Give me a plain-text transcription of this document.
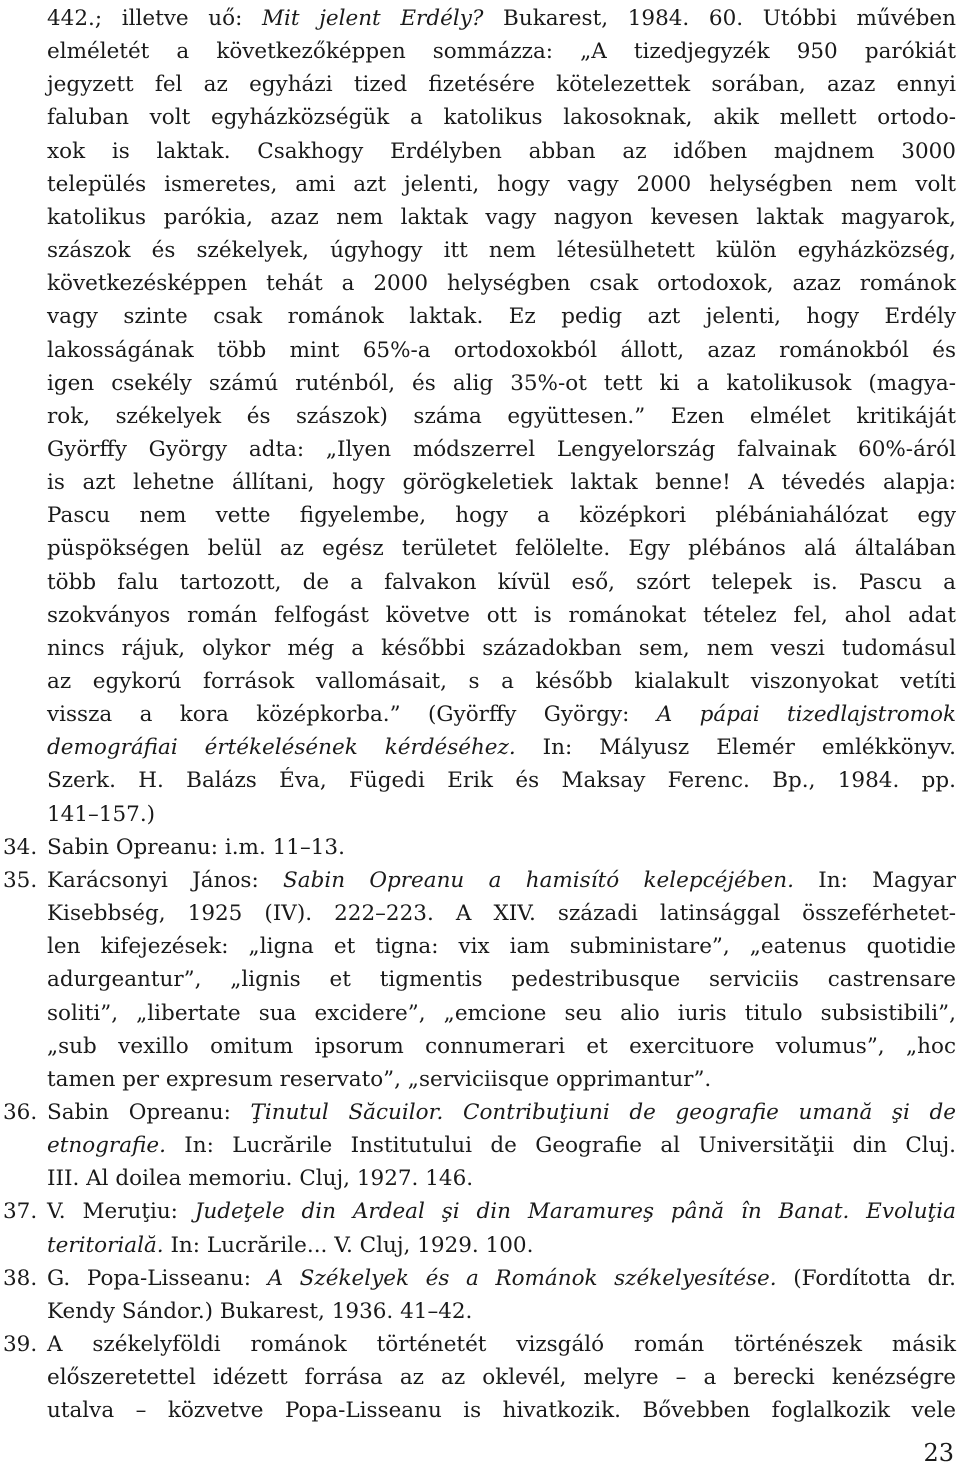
442.; illetve uő: Mit jelent Erdély? Bukarest, 1984. 60. Utóbbi művében
elméletét a következőképpen sommázza: „A tizedjegyzék 950 parókiát
jegyzett fel az egyházi tized fizetésére kötelezettek sorában, azaz ennyi
faluban volt egyházközségük a katolikus lakosoknak, akik mellett ortodo-
xok is laktak. Csakhogy Erdélyben abban az időben majdnem 3000
település ismeretes, ami azt jelenti, hogy vagy 2000 helységben nem volt
katolikus parókia, azaz nem laktak vagy nagyon kevesen laktak magyarok,
szászok és székelyek, úgyhogy itt nem létesülhetett külön egyházközség,
következésképpen tehát a 2000 helységben csak ortodoxok, azaz románok
vagy szinte csak románok laktak. Ez pedig azt jelenti, hogy Erdély
lakosságának több mint 65%-a ortodoxokból állott, azaz románokból és
igen csekély számú ruténból, és alig 35%-ot tett ki a katolikusok (magya-
rok, székelyek és szászok) száma együttesen.” Ezen elmélet kritikáját
Györffy György adta: „Ilyen módszerrel Lengyelország falvainak 60%-áról
is azt lehetne állítani, hogy görögkeletiek laktak benne! A tévedés alapja:
Pascu nem vette figyelembe, hogy a középkori plébániahálózat egy
püspökségen belül az egész területet felölelte. Egy plébános alá általában
több falu tartozott, de a falvakon kívül eső, szórt telepek is. Pascu a
szokványos román felfogást követve ott is románokat tételez fel, ahol adat
nincs rájuk, olykor még a későbbi századokban sem, nem veszi tudomásul
az egykorú források vallomásait, s a később kialakult viszonyokat vetíti
vissza a kora középkorba.” (Györffy György: A pápai tizedlajstromok
demográfiai értékelésének kérdéséhez. In: Mályusz Elemér emlékkönyv.
Szerk. H. Balázs Éva, Fügedi Erik és Maksay Ferenc. Bp., 1984. pp.
141–157.)
Sabin Opreanu: i.m. 11–13.
34.
Karácsonyi János: Sabin Opreanu a hamisító kelepcéjében. In: Magyar
35.
Kisebbség, 1925 (IV). 222–223. A XIV. századi latinsággal összeférhetet-
len kifejezések: „ligna et tigna: vix iam subministare”, „eatenus quotidie
adurgeantur”, „lignis et tigmentis pedestribusque serviciis castrensare
soliti”, „libertate sua excidere”, „emcione seu alio iuris titulo subsistibili”,
„sub vexillo omitum ipsorum connumerari et exercituore volumus”, „hoc
tamen per expresum reservato”, „serviciisque opprimantur”.
Sabin Opreanu: Ţinutul Săcuilor. Contribuţiuni de geografie umană şi de
36.
etnografie. In: Lucrările Institutului de Geografie al Universităţii din Cluj.
III. Al doilea memoriu. Cluj, 1927. 146.
V. Meruţiu: Judeţele din Ardeal şi din Maramureş până în Banat. Evoluţia
37.
teritorială. In: Lucrările... V. Cluj, 1929. 100.
G. Popa-Lisseanu: A Székelyek és a Románok székelyesítése. (Fordította dr.
38.
Kendy Sándor.) Bukarest, 1936. 41–42.
A székelyföldi románok történetét vizsgáló román történészek másik
39.
előszeretettel idézett forrása az az oklevél, melyre – a berecki kenézségre
utalva – közvetve Popa-Lisseanu is hivatkozik. Bővebben foglalkozik vele
23
